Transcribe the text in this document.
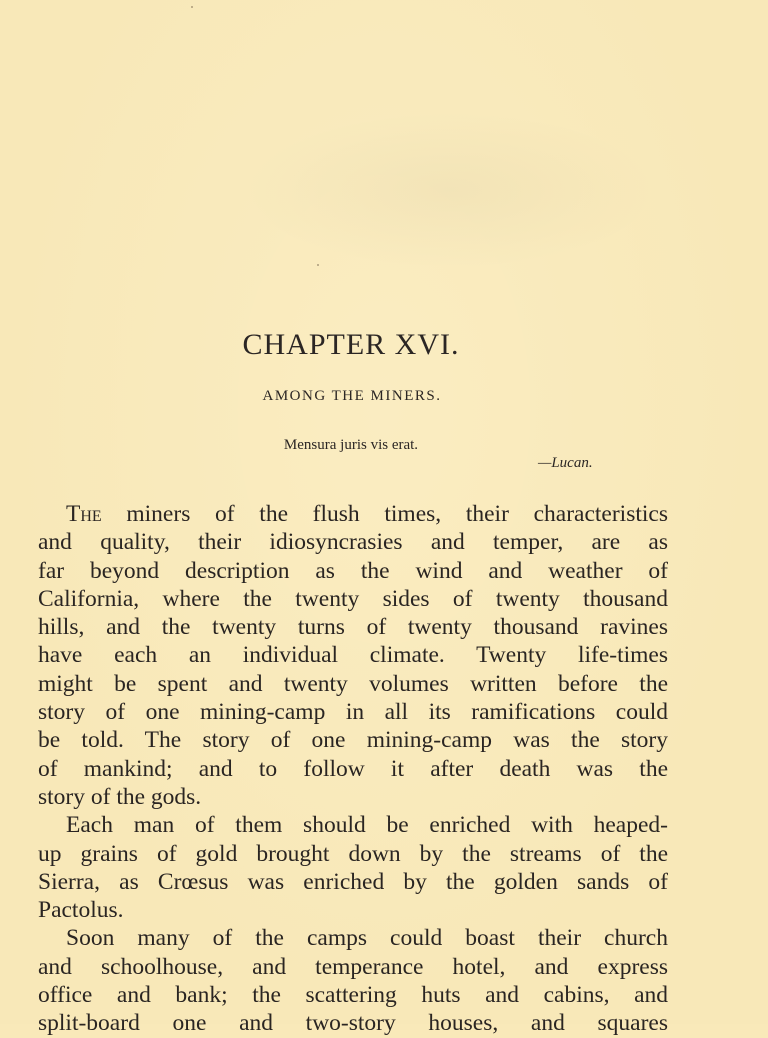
CHAPTER XVI.
AMONG THE MINERS.
Mensura juris vis erat.
—Lucan.
The miners of the flush times, their characteristics
and quality, their idiosyncrasies and temper, are as
far beyond description as the wind and weather of
California, where the twenty sides of twenty thousand
hills, and the twenty turns of twenty thousand ravines
have each an individual climate. Twenty life-times
might be spent and twenty volumes written before the
story of one mining-camp in all its ramifications could
be told. The story of one mining-camp was the story
of mankind; and to follow it after death was the
story of the gods.
Each man of them should be enriched with heaped-
up grains of gold brought down by the streams of the
Sierra, as Crœsus was enriched by the golden sands of
Pactolus.
Soon many of the camps could boast their church
and schoolhouse, and temperance hotel, and express
office and bank; the scattering huts and cabins, and
split-board one and two-story houses, and squares
